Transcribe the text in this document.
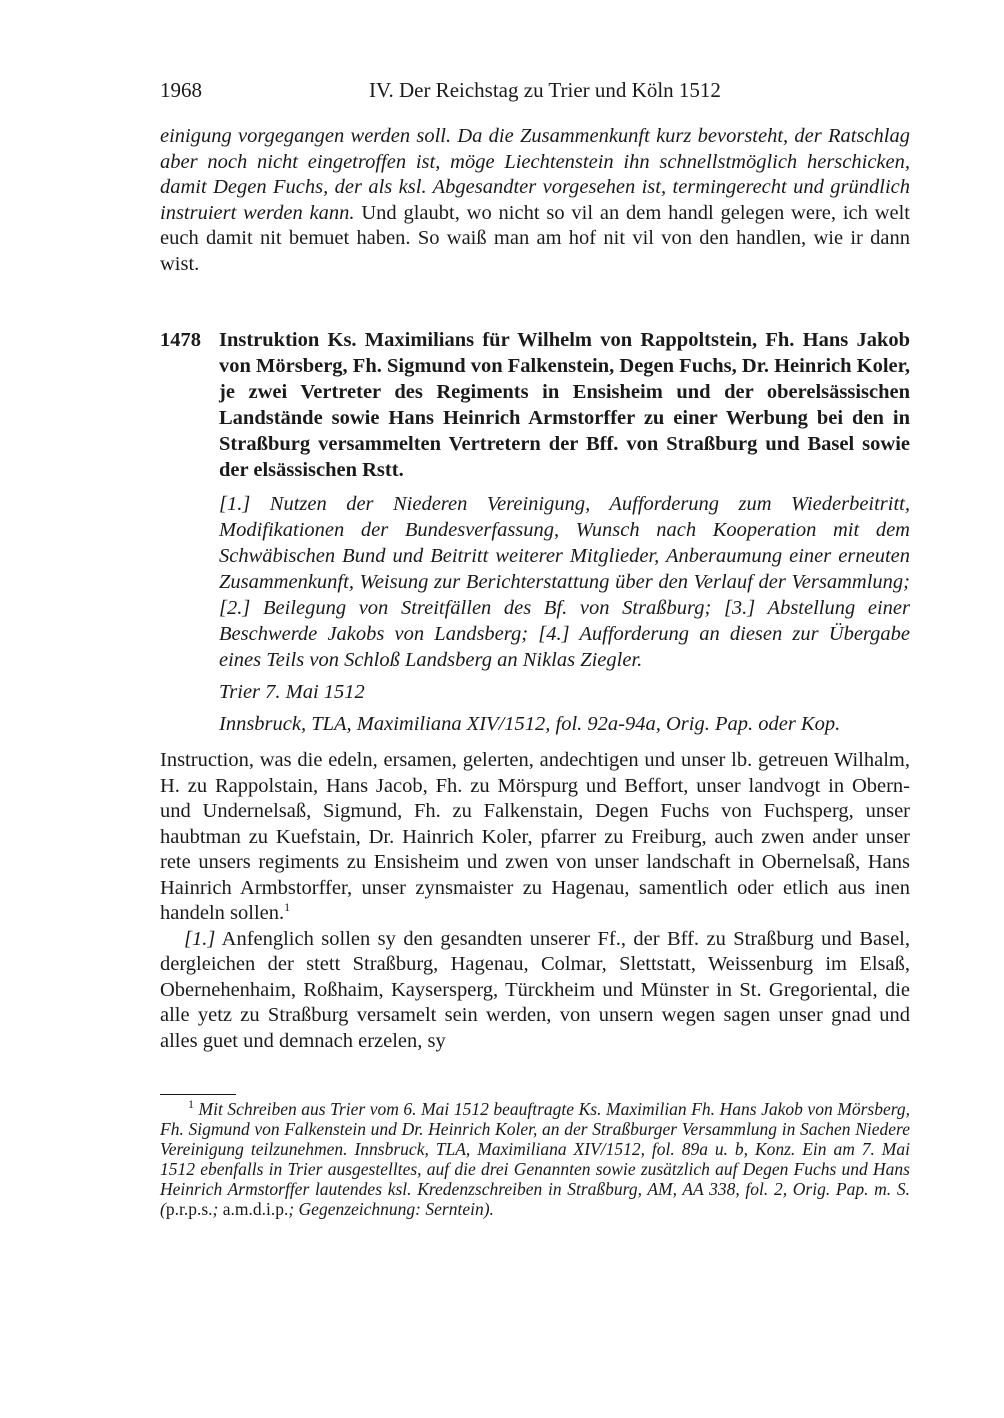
1968	IV. Der Reichstag zu Trier und Köln 1512
einigung vorgegangen werden soll. Da die Zusammenkunft kurz bevorsteht, der Ratschlag aber noch nicht eingetroffen ist, möge Liechtenstein ihn schnellstmöglich herschicken, damit Degen Fuchs, der als ksl. Abgesandter vorgesehen ist, termingerecht und gründlich instruiert werden kann. Und glaubt, wo nicht so vil an dem handl gelegen were, ich welt euch damit nit bemuet haben. So waiß man am hof nit vil von den handlen, wie ir dann wist.
1478 Instruktion Ks. Maximilians für Wilhelm von Rappoltstein, Fh. Hans Jakob von Mörsberg, Fh. Sigmund von Falkenstein, Degen Fuchs, Dr. Heinrich Koler, je zwei Vertreter des Regiments in Ensisheim und der oberelsässischen Landstände sowie Hans Heinrich Armstorffer zu einer Werbung bei den in Straßburg versammelten Vertretern der Bff. von Straßburg und Basel sowie der elsässischen Rstt.
[1.] Nutzen der Niederen Vereinigung, Aufforderung zum Wiederbeitritt, Modifikationen der Bundesverfassung, Wunsch nach Kooperation mit dem Schwäbischen Bund und Beitritt weiterer Mitglieder, Anberaumung einer erneuten Zusammenkunft, Weisung zur Berichterstattung über den Verlauf der Versammlung; [2.] Beilegung von Streitfällen des Bf. von Straßburg; [3.] Abstellung einer Beschwerde Jakobs von Landsberg; [4.] Aufforderung an diesen zur Übergabe eines Teils von Schloß Landsberg an Niklas Ziegler.
Trier 7. Mai 1512
Innsbruck, TLA, Maximiliana XIV/1512, fol. 92a-94a, Orig. Pap. oder Kop.
Instruction, was die edeln, ersamen, gelerten, andechtigen und unser lb. getreuen Wilhalm, H. zu Rappolstain, Hans Jacob, Fh. zu Mörspurg und Beffort, unser landvogt in Obern- und Undernelsaß, Sigmund, Fh. zu Falkenstain, Degen Fuchs von Fuchsperg, unser haubtman zu Kuefstain, Dr. Hainrich Koler, pfarrer zu Freiburg, auch zwen ander unser rete unsers regiments zu Ensisheim und zwen von unser landschaft in Obernelsaß, Hans Hainrich Armbstorffer, unser zynsmaister zu Hagenau, samentlich oder etlich aus inen handeln sollen.$^1$
[1.] Anfenglich sollen sy den gesandten unserer Ff., der Bff. zu Straßburg und Basel, dergleichen der stett Straßburg, Hagenau, Colmar, Slettstatt, Weissenburg im Elsaß, Obernehenhaim, Roßhaim, Kaysersperg, Türckheim und Münster in St. Gregoriental, die alle yetz zu Straßburg versamelt sein werden, von unsern wegen sagen unser gnad und alles guet und demnach erzelen, sy
$^1$ Mit Schreiben aus Trier vom 6. Mai 1512 beauftragte Ks. Maximilian Fh. Hans Jakob von Mörsberg, Fh. Sigmund von Falkenstein und Dr. Heinrich Koler, an der Straßburger Versammlung in Sachen Niedere Vereinigung teilzunehmen. Innsbruck, TLA, Maximiliana XIV/1512, fol. 89a u. b, Konz. Ein am 7. Mai 1512 ebenfalls in Trier ausgestelltes, auf die drei Genannten sowie zusätzlich auf Degen Fuchs und Hans Heinrich Armstorffer lautendes ksl. Kredenzschreiben in Straßburg, AM, AA 338, fol. 2, Orig. Pap. m. S. (p.r.p.s.; a.m.d.i.p.; Gegenzeichnung: Serntein).
